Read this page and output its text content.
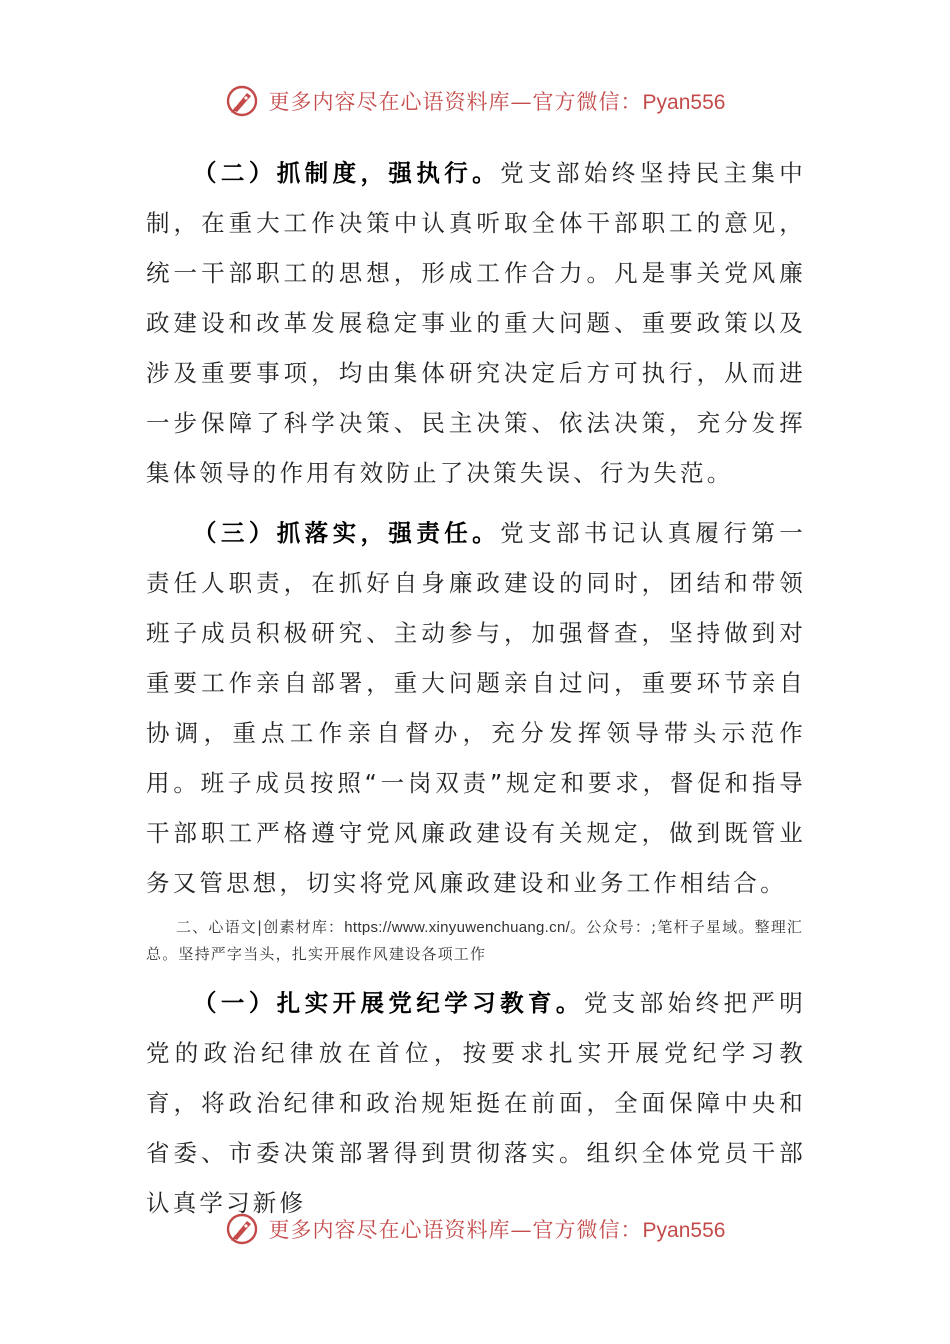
更多内容尽在心语资料库—官方微信：Pyan556

（二）抓制度，强执行。党支部始终坚持民主集中制，在重大工作决策中认真听取全体干部职工的意见，统一干部职工的思想，形成工作合力。凡是事关党风廉政建设和改革发展稳定事业的重大问题、重要政策以及涉及重要事项，均由集体研究决定后方可执行，从而进一步保障了科学决策、民主决策、依法决策，充分发挥集体领导的作用有效防止了决策失误、行为失范。

（三）抓落实，强责任。党支部书记认真履行第一责任人职责，在抓好自身廉政建设的同时，团结和带领班子成员积极研究、主动参与，加强督查，坚持做到对重要工作亲自部署，重大问题亲自过问，重要环节亲自协调，重点工作亲自督办，充分发挥领导带头示范作用。班子成员按照“一岗双责”规定和要求，督促和指导干部职工严格遵守党风廉政建设有关规定，做到既管业务又管思想，切实将党风廉政建设和业务工作相结合。

二、心语文|创素材库：https://www.xinyuwenchuang.cn/。公众号：;笔杆子星域。整理汇总。坚持严字当头，扎实开展作风建设各项工作

（一）扎实开展党纪学习教育。党支部始终把严明党的政治纪律放在首位，按要求扎实开展党纪学习教育，将政治纪律和政治规矩挺在前面，全面保障中央和省委、市委决策部署得到贯彻落实。组织全体党员干部认真学习新修

更多内容尽在心语资料库—官方微信：Pyan556
